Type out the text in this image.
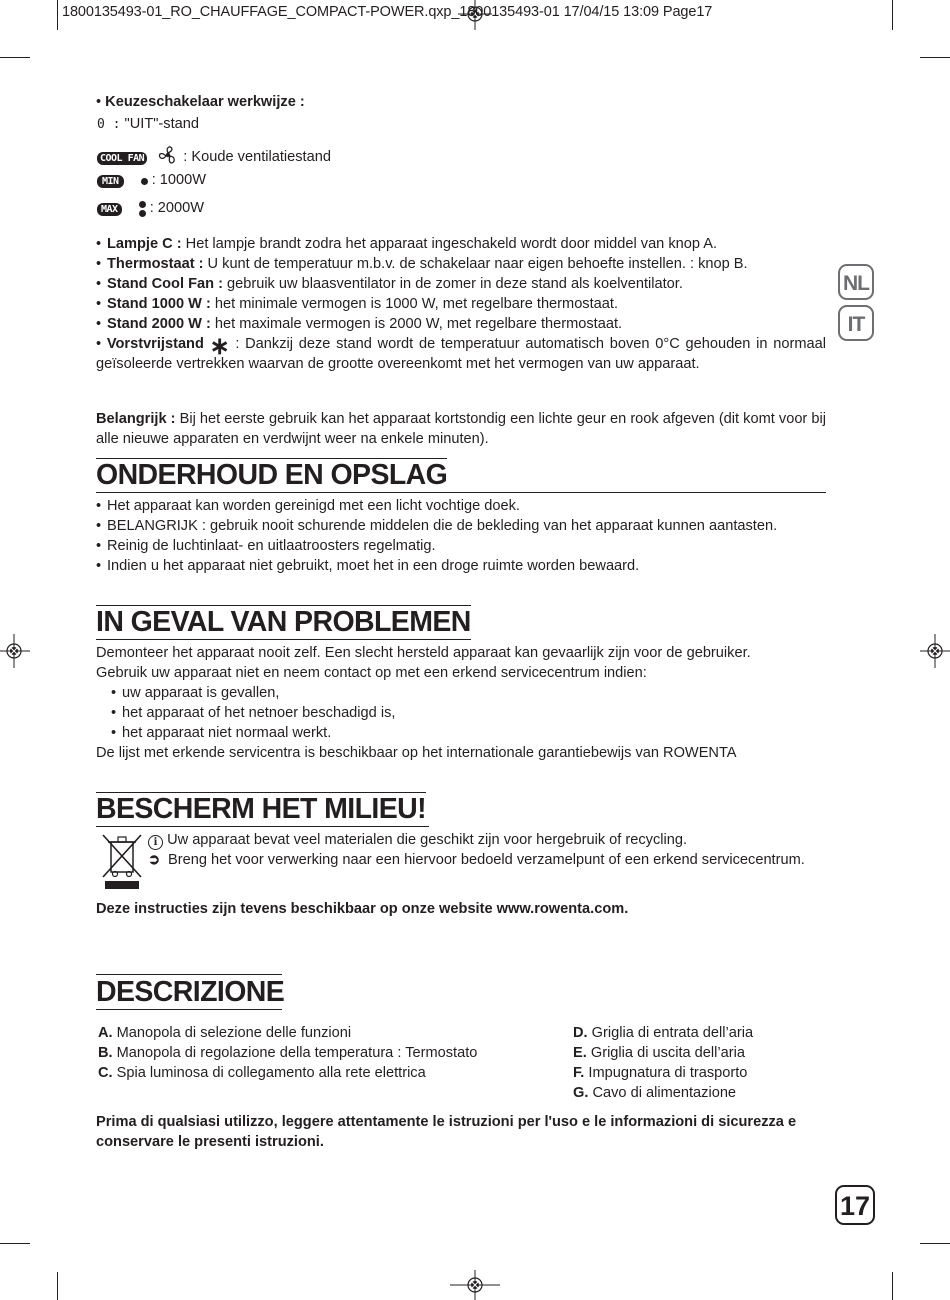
1800135493-01_RO_CHAUFFAGE_COMPACT-POWER.qxp_1800135493-01 17/04/15 13:09 Page17
NL
IT
• Keuzeschakelaar werkwijze :
0 : "UIT"-stand
COOL FAN	: Koude ventilatiestand
MIN : 1000W
MAX : 2000W
• Lampje C : Het lampje brandt zodra het apparaat ingeschakeld wordt door middel van knop A.
• Thermostaat : U kunt de temperatuur m.b.v. de schakelaar naar eigen behoefte instellen. : knop B.
• Stand Cool Fan : gebruik uw blaasventilator in de zomer in deze stand als koelventilator.
• Stand 1000 W : het minimale vermogen is 1000 W, met regelbare thermostaat.
• Stand 2000 W : het maximale vermogen is 2000 W, met regelbare thermostaat.
• Vorstvrijstand ∗ : Dankzij deze stand wordt de temperatuur automatisch boven 0°C gehouden in normaal geïsoleerde vertrekken waarvan de grootte overeenkomt met het vermogen van uw apparaat.
Belangrijk : Bij het eerste gebruik kan het apparaat kortstondig een lichte geur en rook afgeven (dit komt voor bij alle nieuwe apparaten en verdwijnt weer na enkele minuten).
ONDERHOUD EN OPSLAG
• Het apparaat kan worden gereinigd met een licht vochtige doek.
• BELANGRIJK : gebruik nooit schurende middelen die de bekleding van het apparaat kunnen aantasten.
• Reinig de luchtinlaat- en uitlaatroosters regelmatig.
• Indien u het apparaat niet gebruikt, moet het in een droge ruimte worden bewaard.
IN GEVAL VAN PROBLEMEN
Demonteer het apparaat nooit zelf. Een slecht hersteld apparaat kan gevaarlijk zijn voor de gebruiker.
Gebruik uw apparaat niet en neem contact op met een erkend servicecentrum indien:
• uw apparaat is gevallen,
• het apparaat of het netnoer beschadigd is,
• het apparaat niet normaal werkt.
De lijst met erkende servicentra is beschikbaar op het internationale garantiebewijs van ROWENTA
BESCHERM HET MILIEU!
i Uw apparaat bevat veel materialen die geschikt zijn voor hergebruik of recycling.
➲ Breng het voor verwerking naar een hiervoor bedoeld verzamelpunt of een erkend servicecentrum.
Deze instructies zijn tevens beschikbaar op onze website www.rowenta.com.
DESCRIZIONE
A. Manopola di selezione delle funzioni
B. Manopola di regolazione della temperatura : Termostato
C. Spia luminosa di collegamento alla rete elettrica
D. Griglia di entrata dell’aria
E. Griglia di uscita dell’aria
F. Impugnatura di trasporto
G. Cavo di alimentazione
Prima di qualsiasi utilizzo, leggere attentamente le istruzioni per l'uso e le informazioni di sicurezza e conservare le presenti istruzioni.
17
